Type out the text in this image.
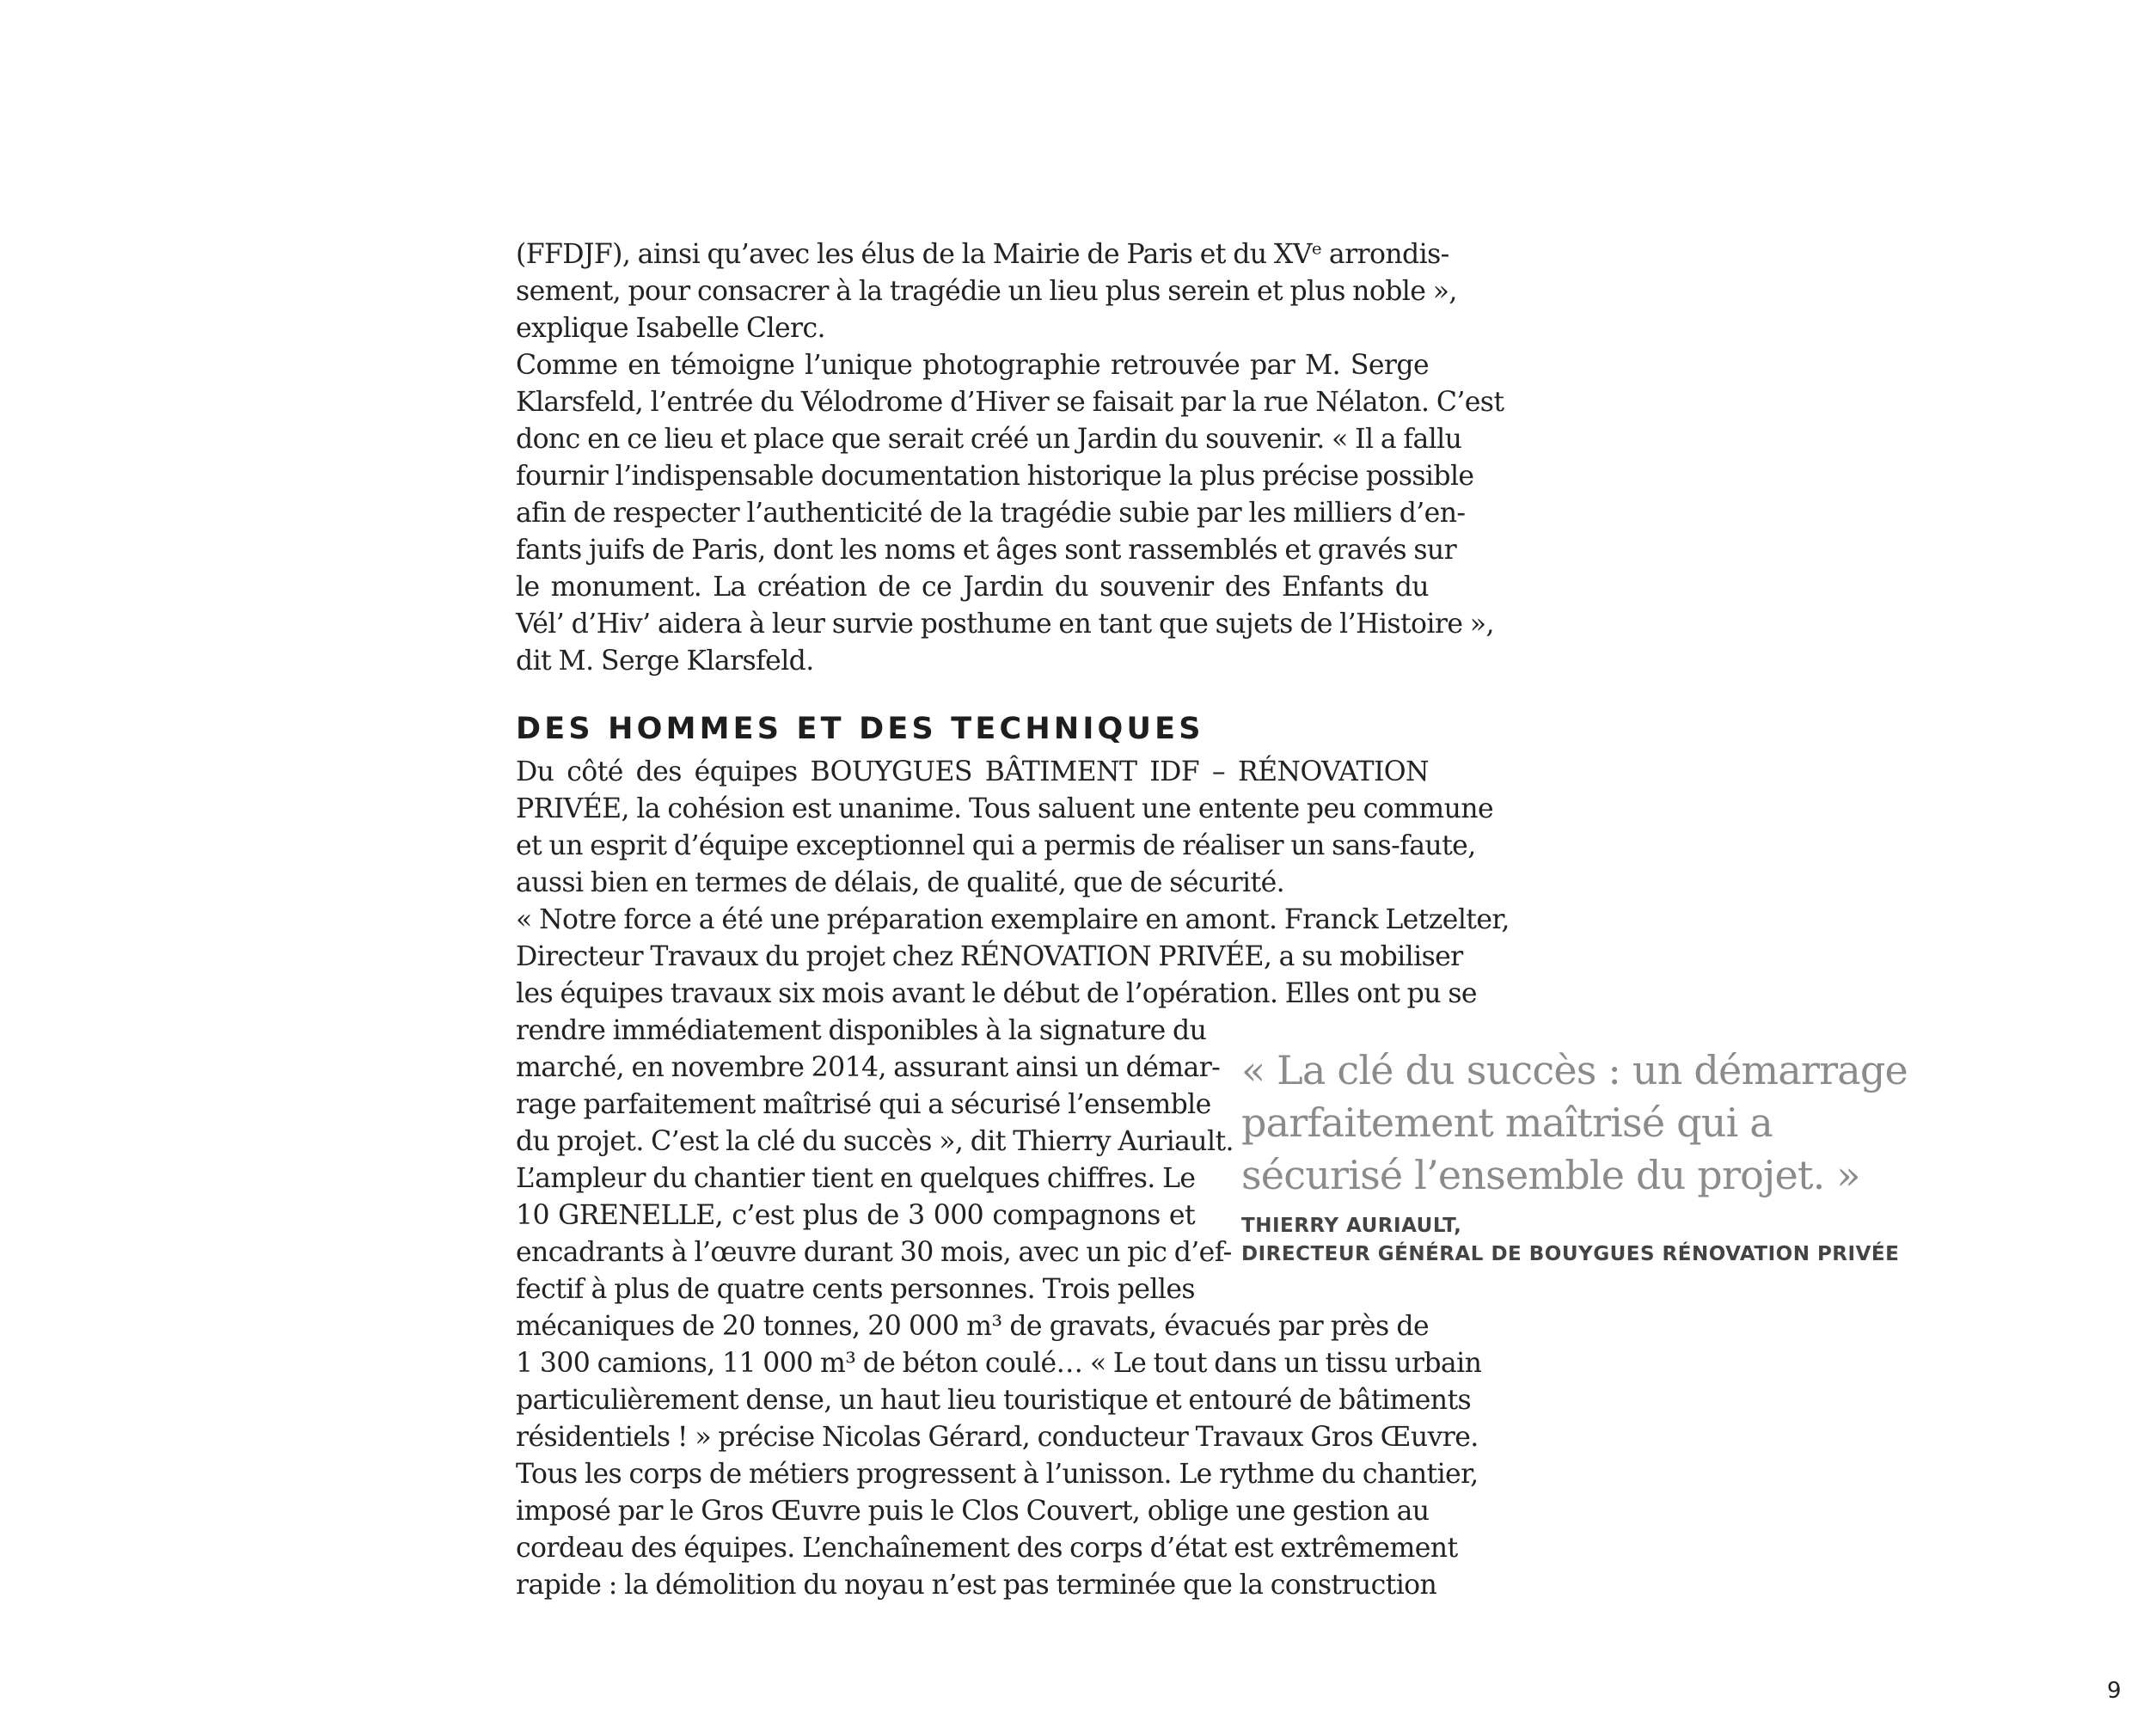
(FFDJF), ainsi qu’avec les élus de la Mairie de Paris et du XVᵉ arrondis-
sement, pour consacrer à la tragédie un lieu plus serein et plus noble »,
explique Isabelle Clerc.
Comme en témoigne l’unique photographie retrouvée par M. Serge
Klarsfeld, l’entrée du Vélodrome d’Hiver se faisait par la rue Nélaton. C’est
donc en ce lieu et place que serait créé un Jardin du souvenir. « Il a fallu
fournir l’indispensable documentation historique la plus précise possible
afin de respecter l’authenticité de la tragédie subie par les milliers d’en-
fants juifs de Paris, dont les noms et âges sont rassemblés et gravés sur
le monument. La création de ce Jardin du souvenir des Enfants du
Vél’ d’Hiv’ aidera à leur survie posthume en tant que sujets de l’Histoire »,
dit M. Serge Klarsfeld.
DES HOMMES ET DES TECHNIQUES
Du côté des équipes BOUYGUES BÂTIMENT IDF – RÉNOVATION
PRIVÉE, la cohésion est unanime. Tous saluent une entente peu commune
et un esprit d’équipe exceptionnel qui a permis de réaliser un sans-faute,
aussi bien en termes de délais, de qualité, que de sécurité.
« Notre force a été une préparation exemplaire en amont. Franck Letzelter,
Directeur Travaux du projet chez RÉNOVATION PRIVÉE, a su mobiliser
les équipes travaux six mois avant le début de l’opération. Elles ont pu se
rendre immédiatement disponibles à la signature du
marché, en novembre 2014, assurant ainsi un démar-
rage parfaitement maîtrisé qui a sécurisé l’ensemble
du projet. C’est la clé du succès », dit Thierry Auriault.
L’ampleur du chantier tient en quelques chiffres. Le
10 GRENELLE, c’est plus de 3 000 compagnons et
encadrants à l’œuvre durant 30 mois, avec un pic d’ef-
fectif à plus de quatre cents personnes. Trois pelles
mécaniques de 20 tonnes, 20 000 m³ de gravats, évacués par près de
1 300 camions, 11 000 m³ de béton coulé… « Le tout dans un tissu urbain
particulièrement dense, un haut lieu touristique et entouré de bâtiments
résidentiels ! » précise Nicolas Gérard, conducteur Travaux Gros Œuvre.
Tous les corps de métiers progressent à l’unisson. Le rythme du chantier,
imposé par le Gros Œuvre puis le Clos Couvert, oblige une gestion au
cordeau des équipes. L’enchaînement des corps d’état est extrêmement
rapide : la démolition du noyau n’est pas terminée que la construction
« La clé du succès : un démarrage
parfaitement maîtrisé qui a
sécurisé l’ensemble du projet. »
THIERRY AURIAULT,
DIRECTEUR GÉNÉRAL DE BOUYGUES RÉNOVATION PRIVÉE
9
